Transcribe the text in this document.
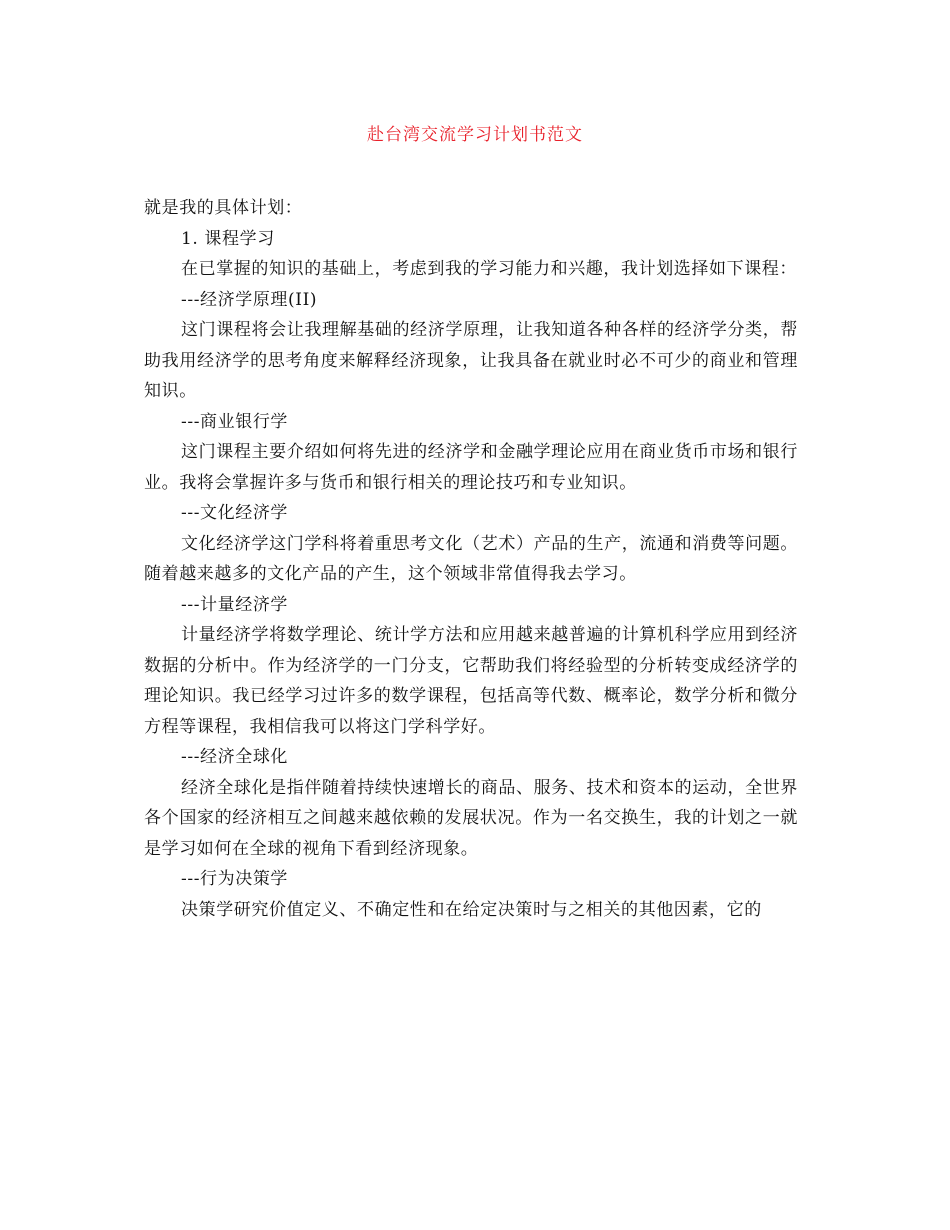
赴台湾交流学习计划书范文

就是我的具体计划：

1. 课程学习

在已掌握的知识的基础上，考虑到我的学习能力和兴趣，我计划选择如下课程：

---经济学原理(II)

这门课程将会让我理解基础的经济学原理，让我知道各种各样的经济学分类，帮助我用经济学的思考角度来解释经济现象，让我具备在就业时必不可少的商业和管理知识。

---商业银行学

这门课程主要介绍如何将先进的经济学和金融学理论应用在商业货币市场和银行业。我将会掌握许多与货币和银行相关的理论技巧和专业知识。

---文化经济学

文化经济学这门学科将着重思考文化（艺术）产品的生产，流通和消费等问题。随着越来越多的文化产品的产生，这个领域非常值得我去学习。

---计量经济学

计量经济学将数学理论、统计学方法和应用越来越普遍的计算机科学应用到经济数据的分析中。作为经济学的一门分支，它帮助我们将经验型的分析转变成经济学的理论知识。我已经学习过许多的数学课程，包括高等代数、概率论，数学分析和微分方程等课程，我相信我可以将这门学科学好。

---经济全球化

经济全球化是指伴随着持续快速增长的商品、服务、技术和资本的运动，全世界各个国家的经济相互之间越来越依赖的发展状况。作为一名交换生，我的计划之一就是学习如何在全球的视角下看到经济现象。

---行为决策学

决策学研究价值定义、不确定性和在给定决策时与之相关的其他因素，它的
